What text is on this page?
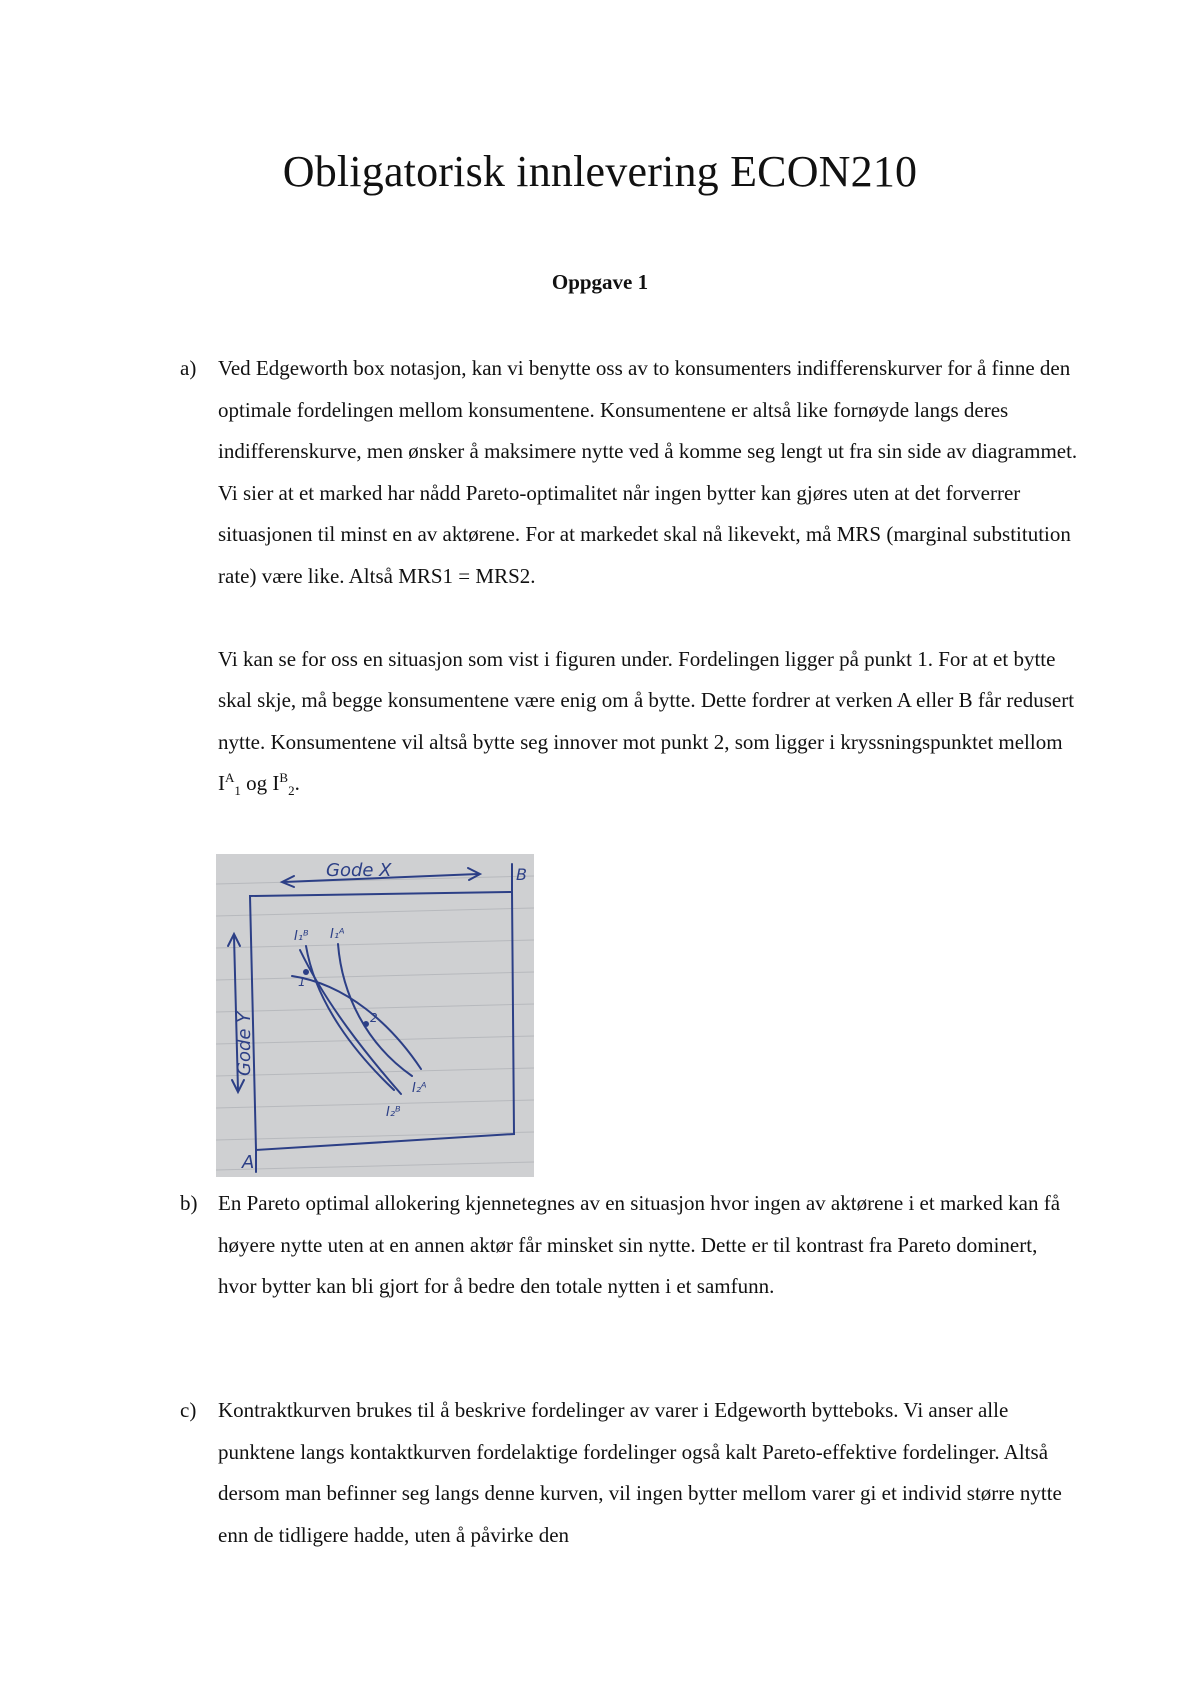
Obligatorisk innlevering ECON210
Oppgave 1
a) Ved Edgeworth box notasjon, kan vi benytte oss av to konsumenters indifferenskurver for å finne den optimale fordelingen mellom konsumentene. Konsumentene er altså like fornøyde langs deres indifferenskurve, men ønsker å maksimere nytte ved å komme seg lengt ut fra sin side av diagrammet. Vi sier at et marked har nådd Pareto-optimalitet når ingen bytter kan gjøres uten at det forverrer situasjonen til minst en av aktørene. For at markedet skal nå likevekt, må MRS (marginal substitution rate) være like. Altså MRS1 = MRS2.

Vi kan se for oss en situasjon som vist i figuren under. Fordelingen ligger på punkt 1. For at et bytte skal skje, må begge konsumentene være enig om å bytte. Dette fordrer at verken A eller B får redusert nytte. Konsumentene vil altså bytte seg innover mot punkt 2, som ligger i kryssningspunktet mellom $I^A_1$ og $I^B_2$.

Gode X
Gode Y
A
B
1
2
I₁ᴮ I₁ᴬ
I₂ᴬ
I₂ᴮ
b) En Pareto optimal allokering kjennetegnes av en situasjon hvor ingen av aktørene i et marked kan få høyere nytte uten at en annen aktør får minsket sin nytte. Dette er til kontrast fra Pareto dominert, hvor bytter kan bli gjort for å bedre den totale nytten i et samfunn.

c) Kontraktkurven brukes til å beskrive fordelinger av varer i Edgeworth bytteboks. Vi anser alle punktene langs kontaktkurven fordelaktige fordelinger også kalt Pareto-effektive fordelinger. Altså dersom man befinner seg langs denne kurven, vil ingen bytter mellom varer gi et individ større nytte enn de tidligere hadde, uten å påvirke den
